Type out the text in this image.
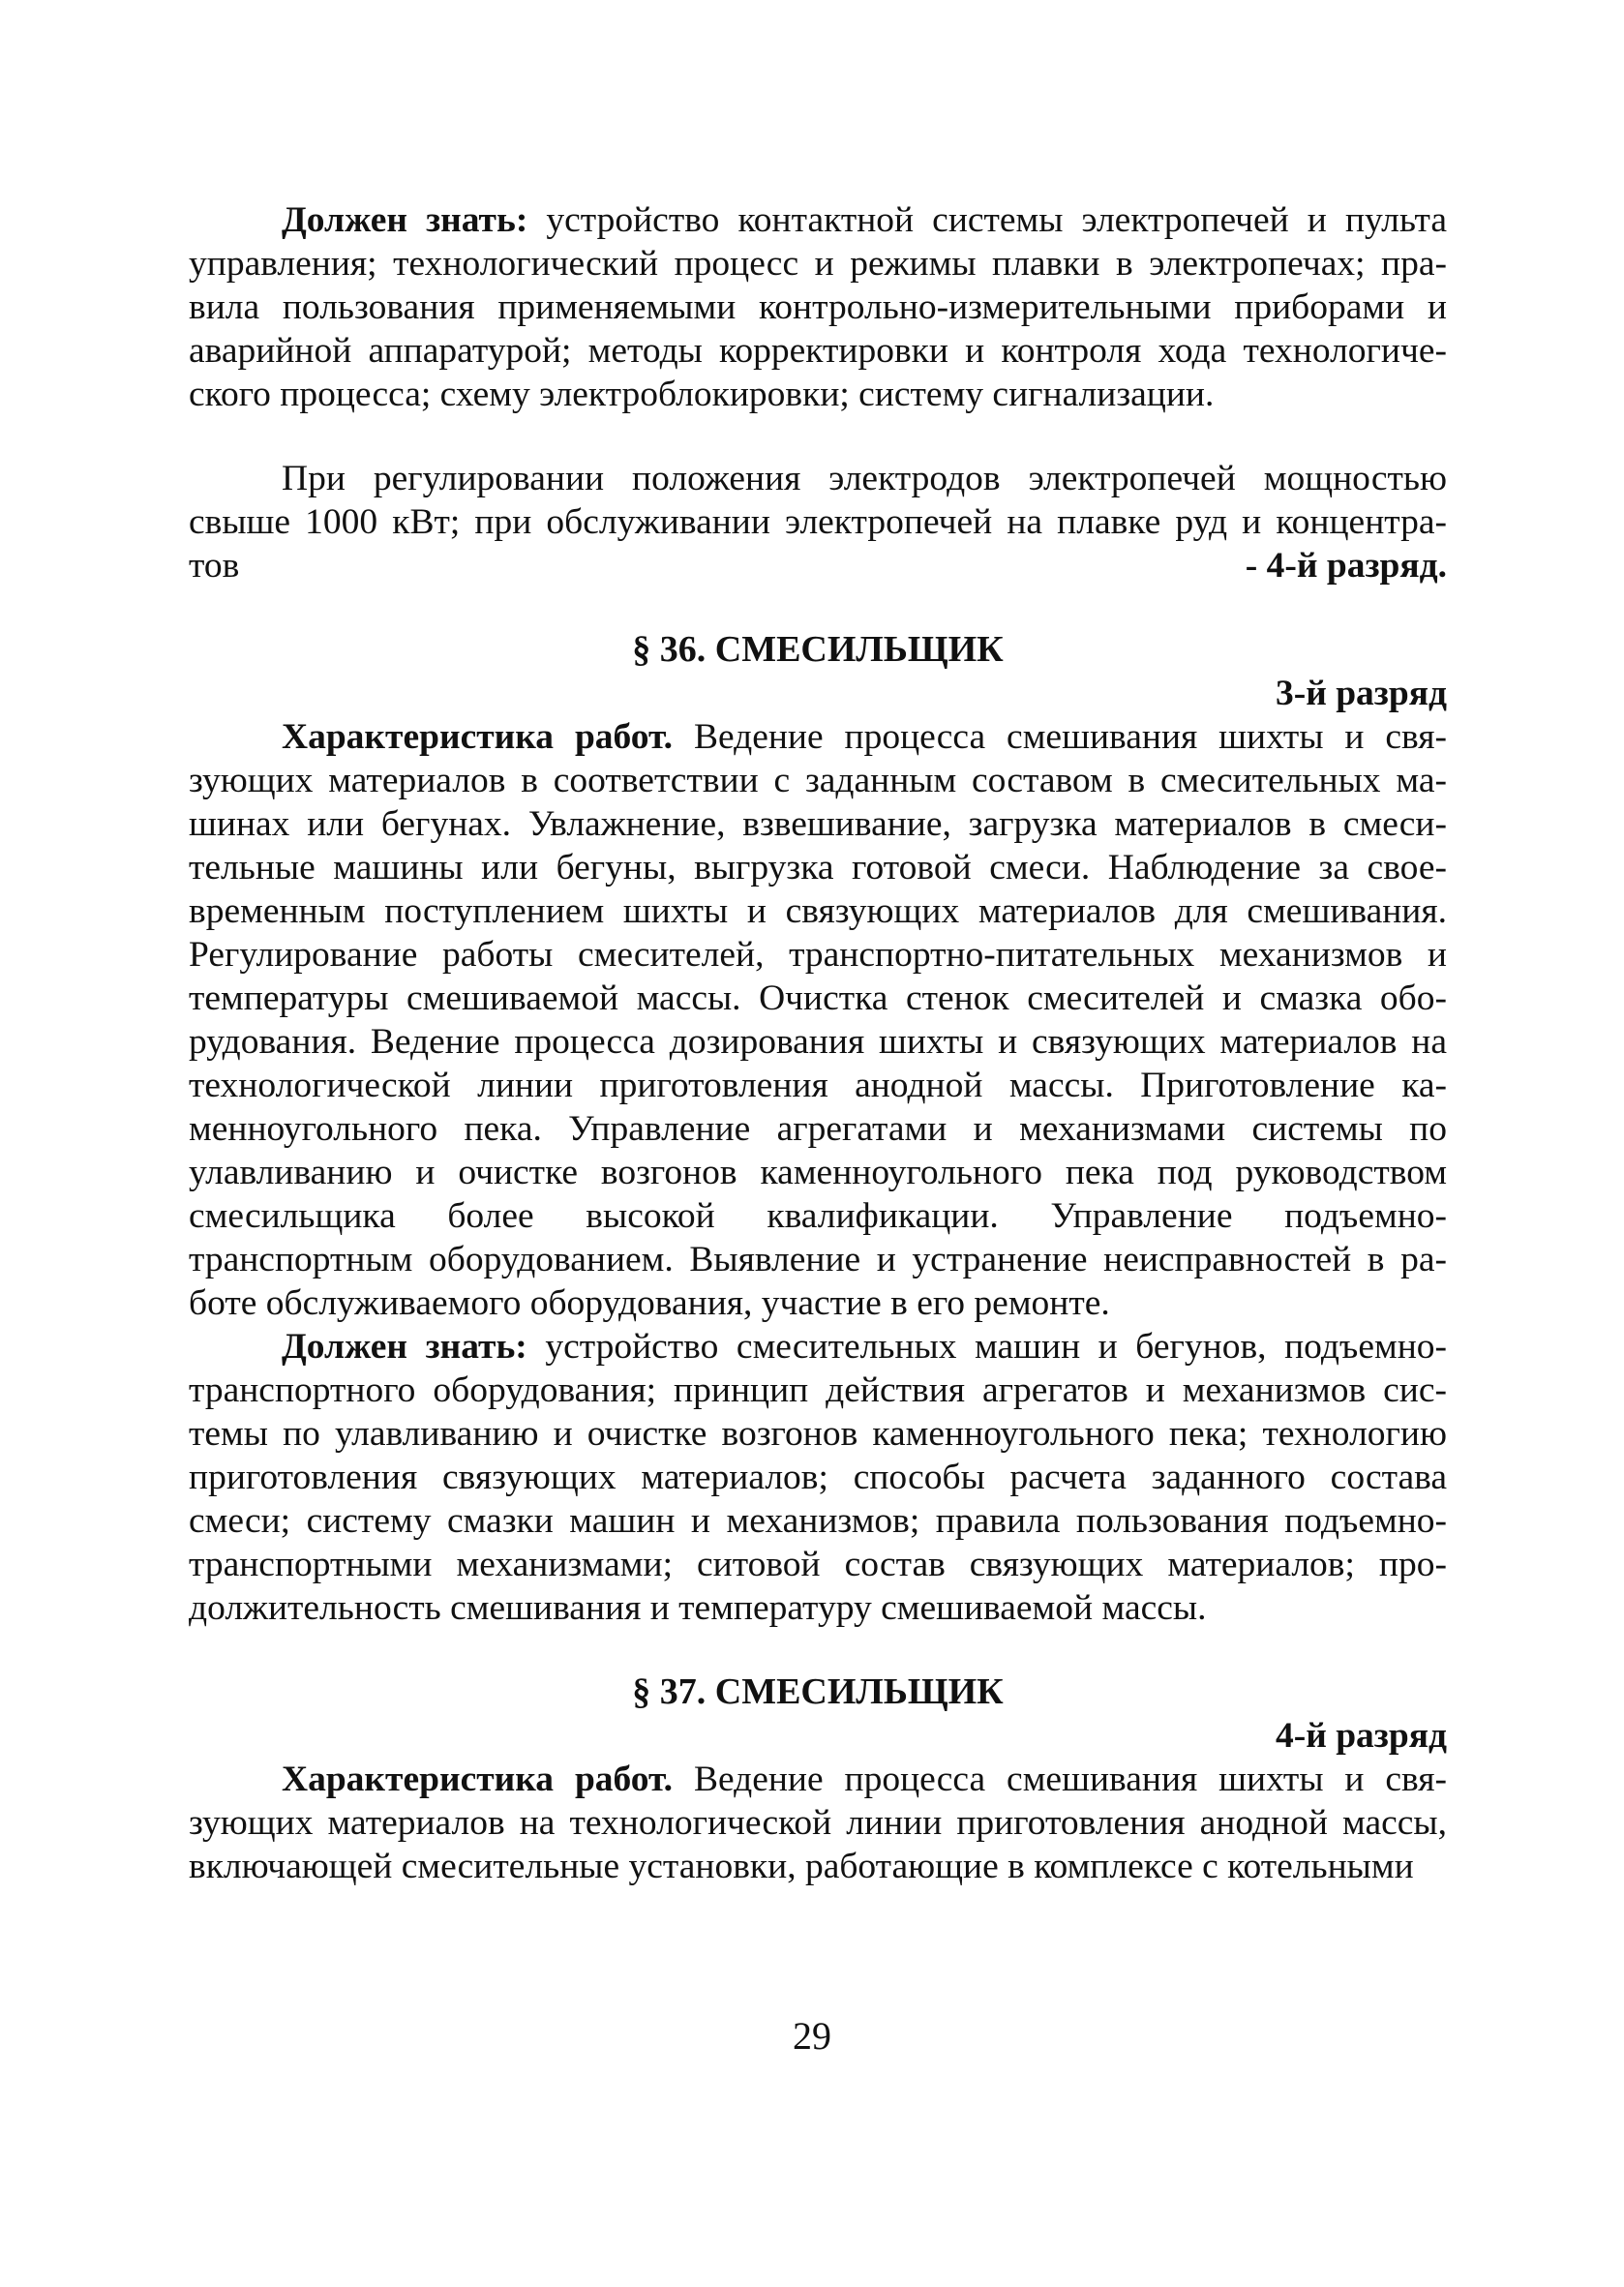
Должен знать: устройство контактной системы электропечей и пульта управления; технологический процесс и режимы плавки в электропечах; правила пользования применяемыми контрольно-измерительными приборами и аварийной аппаратурой; методы корректировки и контроля хода технологического процесса; схему электроблокировки; систему сигнализации.

При регулировании положения электродов электропечей мощностью свыше 1000 кВт; при обслуживании электропечей на плавке руд и концентра-

тов	- 4-й разряд.
§ 36. СМЕСИЛЬЩИК

3-й разряд

Характеристика работ. Ведение процесса смешивания шихты и связующих материалов в соответствии с заданным составом в смесительных машинах или бегунах. Увлажнение, взвешивание, загрузка материалов в смесительные машины или бегуны, выгрузка готовой смеси. Наблюдение за своевременным поступлением шихты и связующих материалов для смешивания. Регулирование работы смесителей, транспортно-питательных механизмов и температуры смешиваемой массы. Очистка стенок смесителей и смазка оборудования. Ведение процесса дозирования шихты и связующих материалов на технологической линии приготовления анодной массы. Приготовление каменноугольного пека. Управление агрегатами и механизмами системы по улавливанию и очистке возгонов каменноугольного пека под руководством смесильщика более высокой квалификации. Управление подъемно-транспортным оборудованием. Выявление и устранение неисправностей в работе обслуживаемого оборудования, участие в его ремонте.

Должен знать: устройство смесительных машин и бегунов, подъемно-транспортного оборудования; принцип действия агрегатов и механизмов системы по улавливанию и очистке возгонов каменноугольного пека; технологию приготовления связующих материалов; способы расчета заданного состава смеси; систему смазки машин и механизмов; правила пользования подъемно-транспортными механизмами; ситовой состав связующих материалов; продолжительность смешивания и температуру смешиваемой массы.

§ 37. СМЕСИЛЬЩИК

4-й разряд

Характеристика работ. Ведение процесса смешивания шихты и связующих материалов на технологической линии приготовления анодной массы, включающей смесительные установки, работающие в комплексе с котельными

29
